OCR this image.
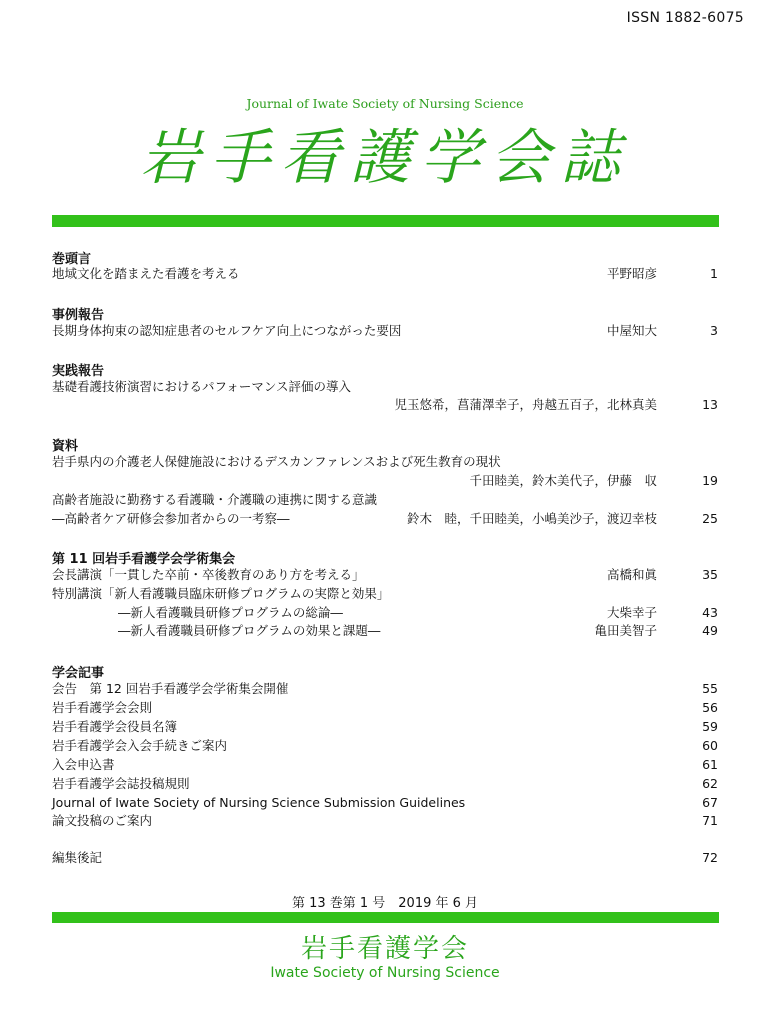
ISSN 1882-6075
Journal of Iwate Society of Nursing Science
岩手看護学会誌
巻頭言
地域文化を踏まえた看護を考える	平野昭彦	1
事例報告
長期身体拘束の認知症患者のセルフケア向上につながった要因	中屋知大	3
実践報告
基礎看護技術演習におけるパフォーマンス評価の導入
児玉悠希，菖蒲澤幸子，舟越五百子，北林真美	13
資料
岩手県内の介護老人保健施設におけるデスカンファレンスおよび死生教育の現状
千田睦美，鈴木美代子，伊藤　収	19
高齢者施設に勤務する看護職・介護職の連携に関する意識
―高齢者ケア研修会参加者からの一考察―	鈴木　睦，千田睦美，小嶋美沙子，渡辺幸枝	25
第 11 回岩手看護学会学術集会
会長講演「一貫した卒前・卒後教育のあり方を考える」	高橋和眞	35
特別講演「新人看護職員臨床研修プログラムの実際と効果」
―新人看護職員研修プログラムの総論―	大柴幸子	43
―新人看護職員研修プログラムの効果と課題―	亀田美智子	49
学会記事
会告　第 12 回岩手看護学会学術集会開催	55
岩手看護学会会則	56
岩手看護学会役員名簿	59
岩手看護学会入会手続きご案内	60
入会申込書	61
岩手看護学会誌投稿規則	62
Journal of Iwate Society of Nursing Science Submission Guidelines	67
論文投稿のご案内	71
編集後記	72
第 13 巻第 1 号　2019 年 6 月
岩手看護学会
Iwate Society of Nursing Science
